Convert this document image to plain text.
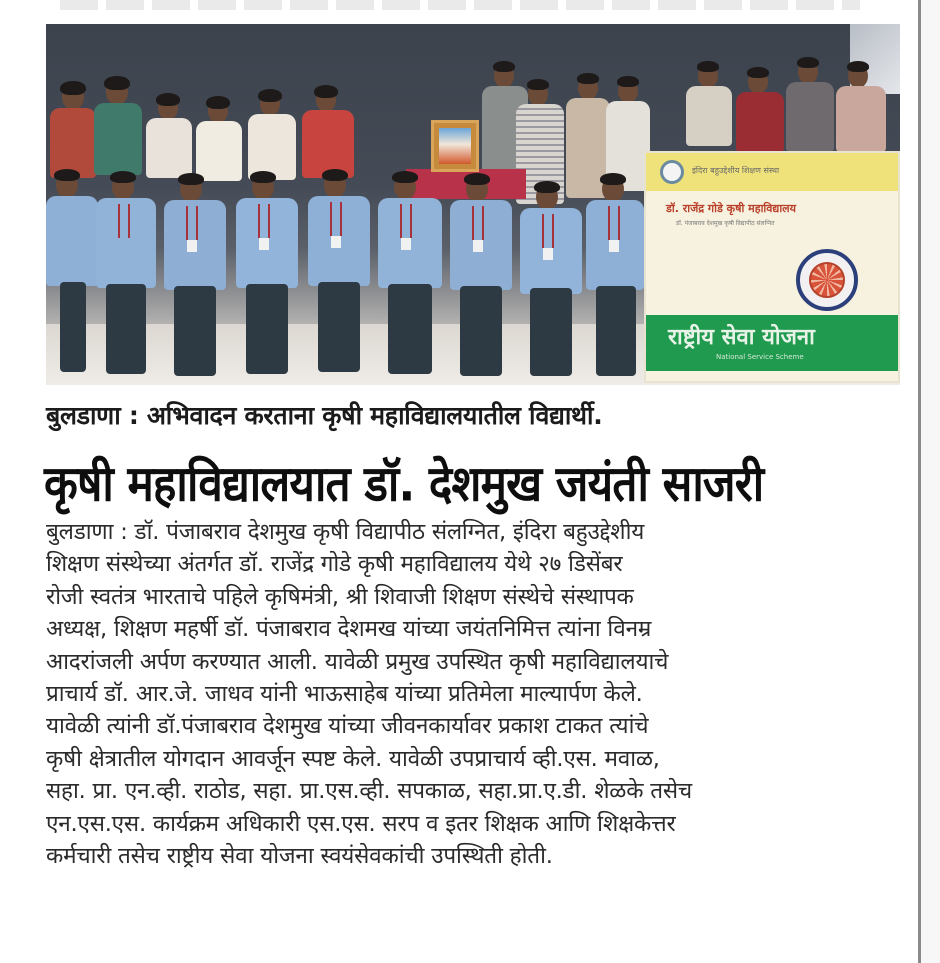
इंदिरा बहुउद्देशीय शिक्षण संस्था
डॉ. राजेंद्र गोडे कृषी महाविद्यालय
डॉ. पंजाबराव देशमुख कृषी विद्यापीठ संलग्नित
राष्ट्रीय सेवा योजना
National Service Scheme
बुलडाणा : अभिवादन करताना कृषी महाविद्यालयातील विद्यार्थी.
कृषी महाविद्यालयात डॉ. देशमुख जयंती साजरी
बुलडाणा : डॉ. पंजाबराव देशमुख कृषी विद्यापीठ संलग्नित, इंदिरा बहुउद्देशीय
शिक्षण संस्थेच्या अंतर्गत डॉ. राजेंद्र गोडे कृषी महाविद्यालय येथे २७ डिसेंबर
रोजी स्वतंत्र भारताचे पहिले कृषिमंत्री, श्री शिवाजी शिक्षण संस्थेचे संस्थापक
अध्यक्ष, शिक्षण महर्षी डॉ. पंजाबराव देशमख यांच्या जयंतनिमित्त त्यांना विनम्र
आदरांजली अर्पण करण्यात आली. यावेळी प्रमुख उपस्थित कृषी महाविद्यालयाचे
प्राचार्य डॉ. आर.जे. जाधव यांनी भाऊसाहेब यांच्या प्रतिमेला माल्यार्पण केले.
यावेळी त्यांनी डॉ.पंजाबराव देशमुख यांच्या जीवनकार्यावर प्रकाश टाकत त्यांचे
कृषी क्षेत्रातील योगदान आवर्जून स्पष्ट केले. यावेळी उपप्राचार्य व्ही.एस. मवाळ,
सहा. प्रा. एन.व्ही. राठोड, सहा. प्रा.एस.व्ही. सपकाळ, सहा.प्रा.ए.डी. शेळके तसेच
एन.एस.एस. कार्यक्रम अधिकारी एस.एस. सरप व इतर शिक्षक आणि शिक्षकेत्तर
कर्मचारी तसेच राष्ट्रीय सेवा योजना स्वयंसेवकांची उपस्थिती होती.
